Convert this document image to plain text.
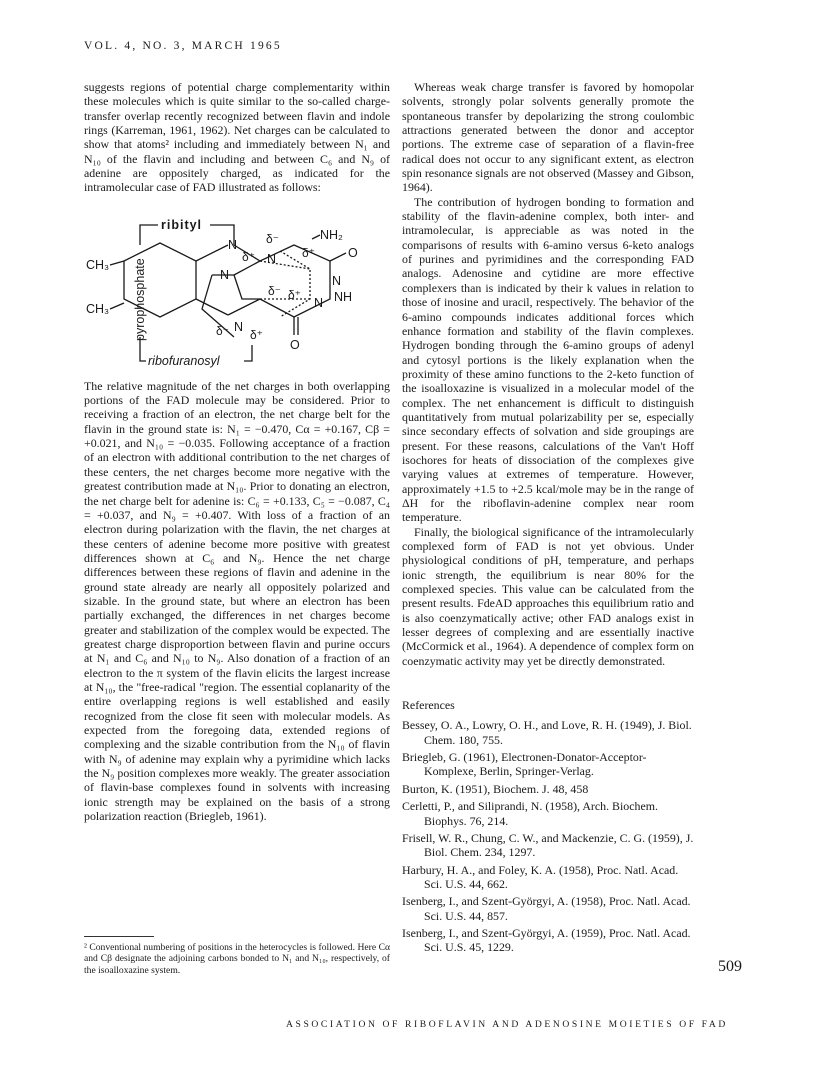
VOL. 4, NO. 3, MARCH 1965

suggests regions of potential charge complementarity within these molecules which is quite similar to the so-called charge-transfer overlap recently recognized between flavin and indole rings (Karreman, 1961, 1962). Net charges can be calculated to show that atoms² including and immediately between N₁ and N₁₀ of the flavin and including and between C₆ and N₉ of adenine are oppositely charged, as indicated for the intramolecular case of FAD illustrated as follows:

ribityl
ribofuranosyl
pyrophosphate
CH₃
CH₃
N
N
N	N
N
N
NH₂
NH
O
O
δ⁻
δ⁺	δ⁺
δ⁻ δ⁺
δ⁻ δ⁺

The relative magnitude of the net charges in both overlapping portions of the FAD molecule may be considered. Prior to receiving a fraction of an electron, the net charge belt for the flavin in the ground state is: N₁ = −0.470, Cα = +0.167, Cβ = +0.021, and N₁₀ = −0.035. Following acceptance of a fraction of an electron with additional contribution to the net charges of these centers, the net charges become more negative with the greatest contribution made at N₁₀. Prior to donating an electron, the net charge belt for adenine is: C₆ = +0.133, C₅ = −0.087, C₄ = +0.037, and N₉ = +0.407. With loss of a fraction of an electron during polarization with the flavin, the net charges at these centers of adenine become more positive with greatest differences shown at C₆ and N₉. Hence the net charge differences between these regions of flavin and adenine in the ground state already are nearly all oppositely polarized and sizable. In the ground state, but where an electron has been partially exchanged, the differences in net charges become greater and stabilization of the complex would be expected. The greatest charge disproportion between flavin and purine occurs at N₁ and C₆ and N₁₀ to N₉. Also donation of a fraction of an electron to the π system of the flavin elicits the largest increase at N₁₀, the "free-radical "region. The essential coplanarity of the entire overlapping regions is well established and easily recognized from the close fit seen with molecular models. As expected from the foregoing data, extended regions of complexing and the sizable contribution from the N₁₀ of flavin with N₉ of adenine may explain why a pyrimidine which lacks the N₉ position complexes more weakly. The greater association of flavin-base complexes found in solvents with increasing ionic strength may be explained on the basis of a strong polarization reaction (Briegleb, 1961).

² Conventional numbering of positions in the heterocycles is followed. Here Cα and Cβ designate the adjoining carbons bonded to N₁ and N₁₀, respectively, of the isoalloxazine system.

Whereas weak charge transfer is favored by homopolar solvents, strongly polar solvents generally promote the spontaneous transfer by depolarizing the strong coulombic attractions generated between the donor and acceptor portions. The extreme case of separation of a flavin-free radical does not occur to any significant extent, as electron spin resonance signals are not observed (Massey and Gibson, 1964).

The contribution of hydrogen bonding to formation and stability of the flavin-adenine complex, both inter- and intramolecular, is appreciable as was noted in the comparisons of results with 6-amino versus 6-keto analogs of purines and pyrimidines and the corresponding FAD analogs. Adenosine and cytidine are more effective complexers than is indicated by their k values in relation to those of inosine and uracil, respectively. The behavior of the 6-amino compounds indicates additional forces which enhance formation and stability of the flavin complexes. Hydrogen bonding through the 6-amino groups of adenyl and cytosyl portions is the likely explanation when the proximity of these amino functions to the 2-keto function of the isoalloxazine is visualized in a molecular model of the complex. The net enhancement is difficult to distinguish quantitatively from mutual polarizability per se, especially since secondary effects of solvation and side groupings are present. For these reasons, calculations of the Van't Hoff isochores for heats of dissociation of the complexes give varying values at extremes of temperature. However, approximately +1.5 to +2.5 kcal/mole may be in the range of ΔH for the riboflavin-adenine complex near room temperature.

Finally, the biological significance of the intramolecularly complexed form of FAD is not yet obvious. Under physiological conditions of pH, temperature, and perhaps ionic strength, the equilibrium is near 80% for the complexed species. This value can be calculated from the present results. FdeAD approaches this equilibrium ratio and is also coenzymatically active; other FAD analogs exist in lesser degrees of complexing and are essentially inactive (McCormick et al., 1964). A dependence of complex form on coenzymatic activity may yet be directly demonstrated.

References

Bessey, O. A., Lowry, O. H., and Love, R. H. (1949), J. Biol. Chem. 180, 755.

Briegleb, G. (1961), Electronen-Donator-Acceptor-Komplexe, Berlin, Springer-Verlag.

Burton, K. (1951), Biochem. J. 48, 458

Cerletti, P., and Siliprandi, N. (1958), Arch. Biochem. Biophys. 76, 214.

Frisell, W. R., Chung, C. W., and Mackenzie, C. G. (1959), J. Biol. Chem. 234, 1297.

Harbury, H. A., and Foley, K. A. (1958), Proc. Natl. Acad. Sci. U.S. 44, 662.

Isenberg, I., and Szent-Györgyi, A. (1958), Proc. Natl. Acad. Sci. U.S. 44, 857.

Isenberg, I., and Szent-Györgyi, A. (1959), Proc. Natl. Acad. Sci. U.S. 45, 1229.

509
ASSOCIATION OF RIBOFLAVIN AND ADENOSINE MOIETIES OF FAD
